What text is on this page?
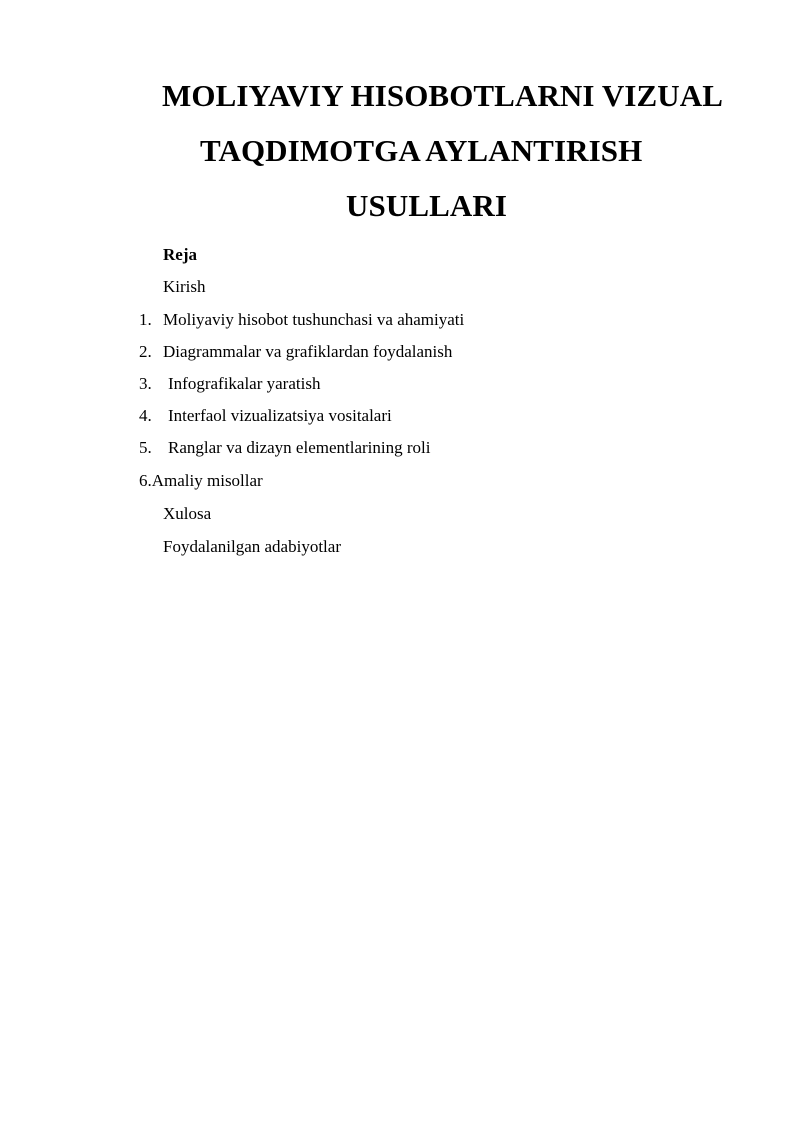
MOLIYAVIY HISOBOTLARNI VIZUAL
TAQDIMOTGA AYLANTIRISH
USULLARI
Reja
Kirish
1. Moliyaviy hisobot tushunchasi va ahamiyati
2. Diagrammalar va grafiklardan foydalanish
3. Infografikalar yaratish
4. Interfaol vizualizatsiya vositalari
5. Ranglar va dizayn elementlarining roli
6.Amaliy misollar
Xulosa
Foydalanilgan adabiyotlar
